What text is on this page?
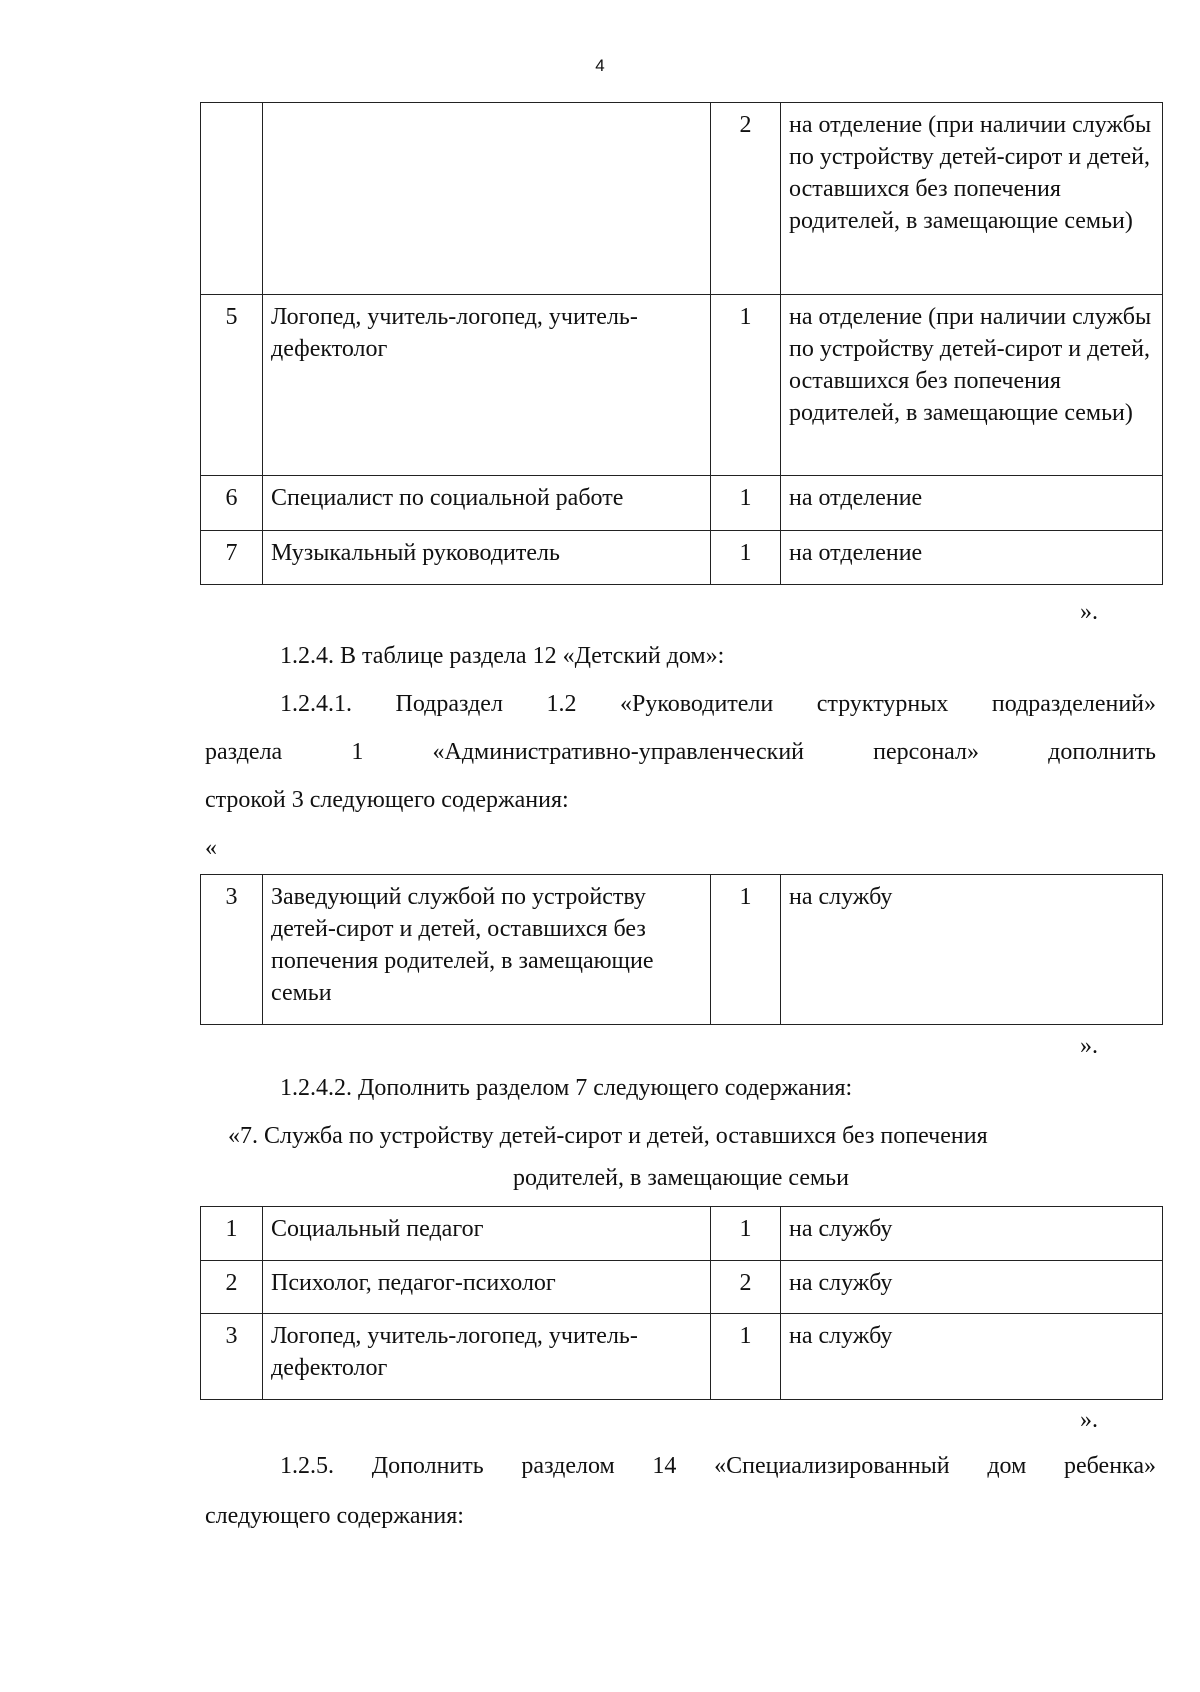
4
		2	на отделение (при наличии службы по устройству детей-сирот и детей, оставшихся без попечения родителей, в замещающие семьи)
5	Логопед, учитель-логопед, учитель-дефектолог	1	на отделение (при наличии службы по устройству детей-сирот и детей, оставшихся без попечения родителей, в замещающие семьи)
6	Специалист по социальной работе	1	на отделение
7	Музыкальный руководитель	1	на отделение
».
1.2.4. В таблице раздела 12 «Детский дом»:
1.2.4.1. Подраздел 1.2 «Руководители структурных подразделений»
раздела 1 «Административно-управленческий персонал» дополнить
строкой 3 следующего содержания:
«
3	Заведующий службой по устройству детей-сирот и детей, оставшихся без попечения родителей, в замещающие семьи	1	на службу
».
1.2.4.2. Дополнить разделом 7 следующего содержания:
«7. Служба по устройству детей-сирот и детей, оставшихся без попечения
родителей, в замещающие семьи
1	Социальный педагог	1	на службу
2	Психолог, педагог-психолог	2	на службу
3	Логопед, учитель-логопед, учитель-дефектолог	1	на службу
».
1.2.5. Дополнить разделом 14 «Специализированный дом ребенка»
следующего содержания:
